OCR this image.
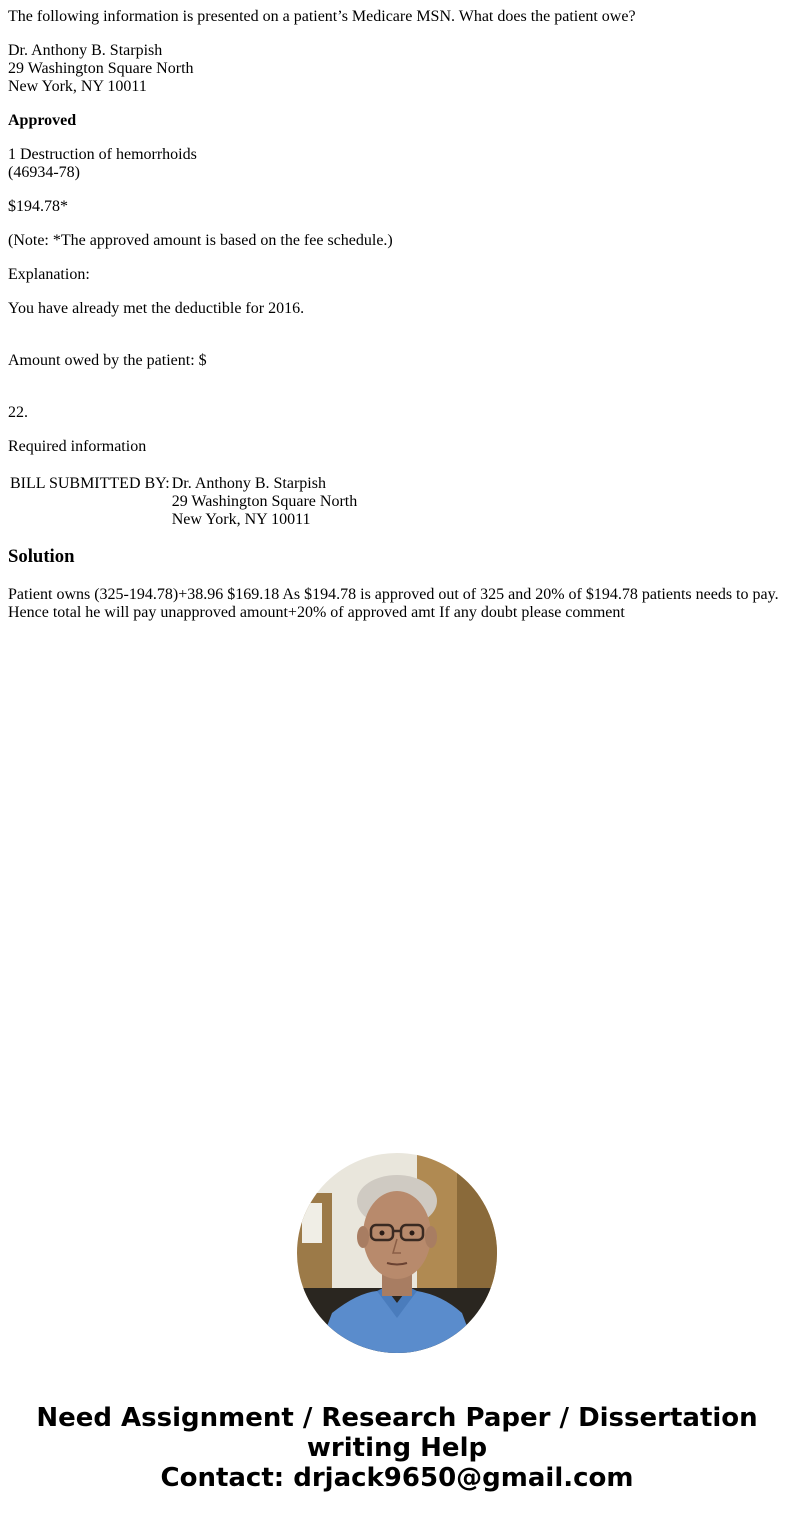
The following information is presented on a patient’s Medicare MSN. What does the patient owe?

Dr. Anthony B. Starpish
29 Washington Square North
New York, NY 10011

Approved

1 Destruction of hemorrhoids
(46934-78)

$194.78*

(Note: *The approved amount is based on the fee schedule.)

Explanation:

You have already met the deductible for 2016.

Amount owed by the patient: $

22.

Required information

BILL SUBMITTED BY:	Dr. Anthony B. Starpish
29 Washington Square North
New York, NY 10011
Solution

Patient owns (325-194.78)+38.96 $169.18 As $194.78 is approved out of 325 and 20% of $194.78 patients needs to pay. Hence total he will pay unapproved amount+20% of approved amt If any doubt please comment

Need Assignment / Research Paper / Dissertation
writing Help
Contact: drjack9650@gmail.com
